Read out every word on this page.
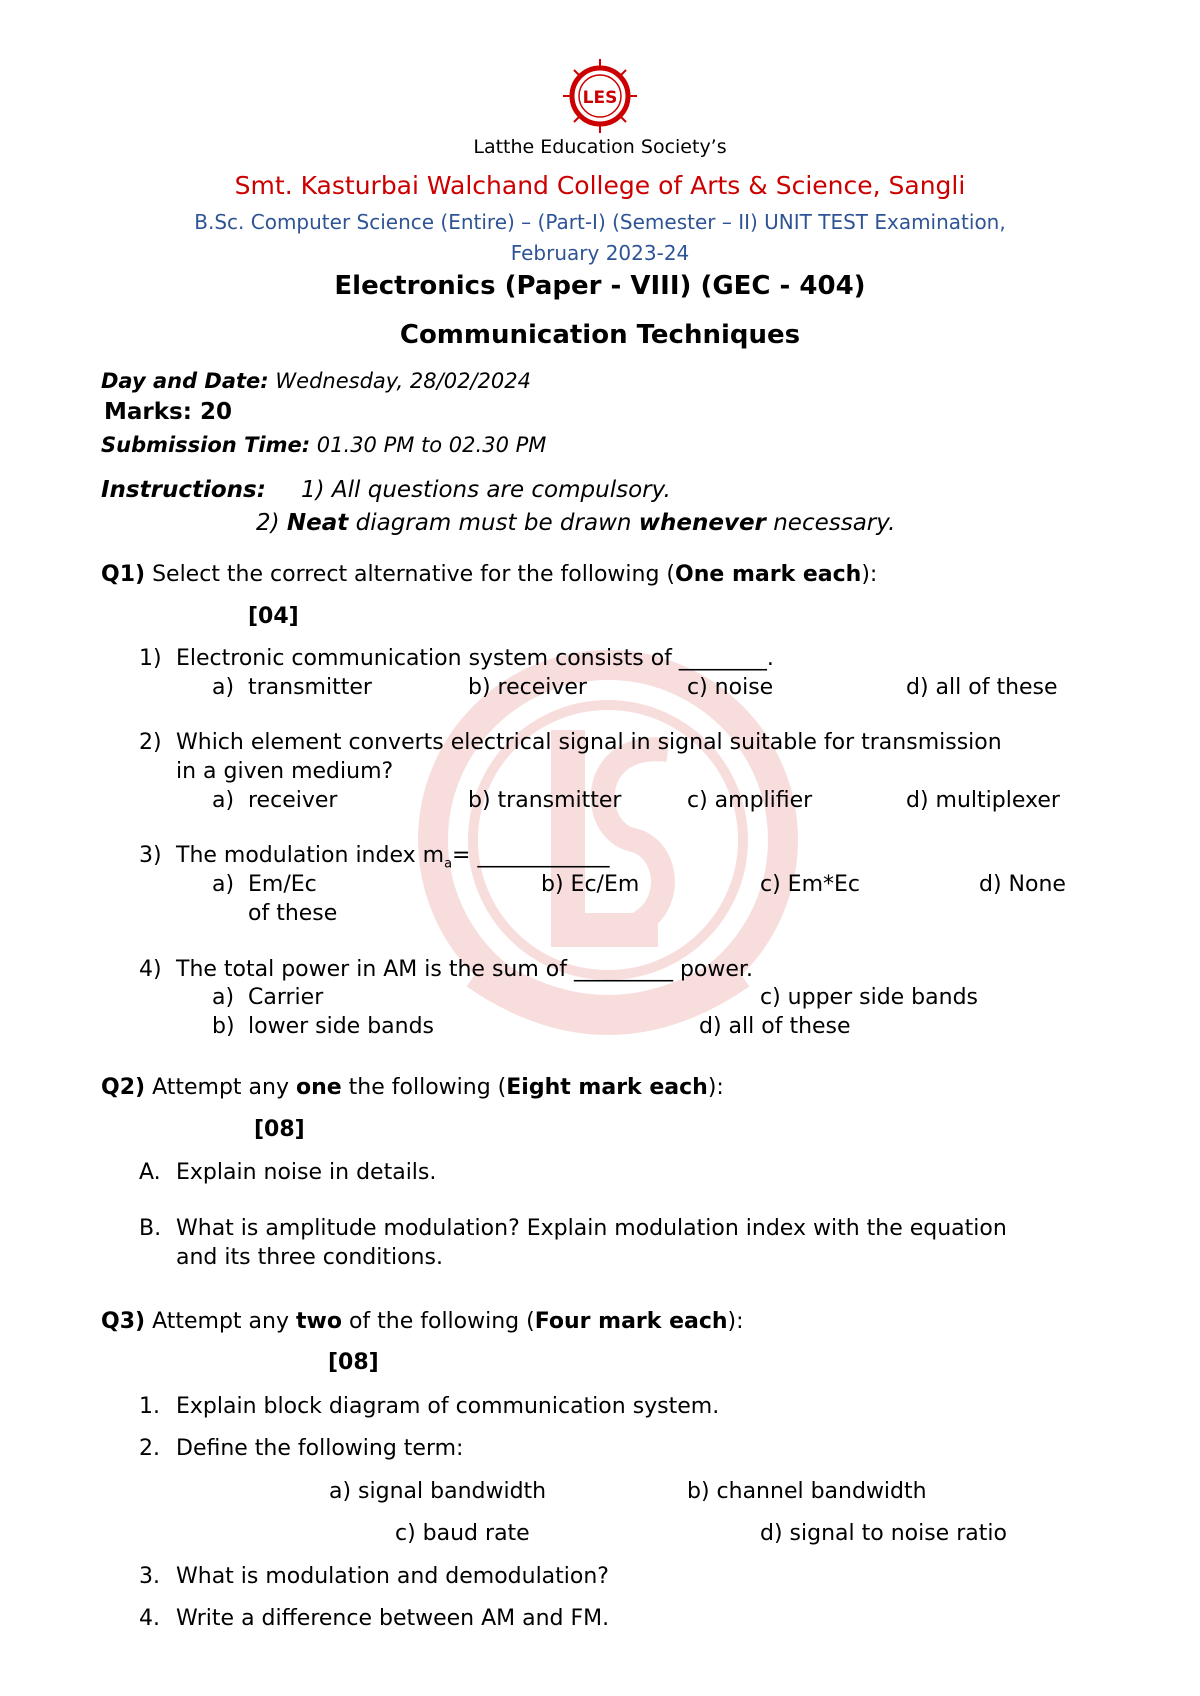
LES
Latthe Education Society’s
Smt. Kasturbai Walchand College of Arts & Science, Sangli
B.Sc. Computer Science (Entire) – (Part-I) (Semester – II) UNIT TEST Examination,
February 2023-24
Electronics (Paper - VIII) (GEC - 404)
Communication Techniques
Day and Date: Wednesday, 28/02/2024
Marks: 20
Submission Time: 01.30 PM to 02.30 PM
Instructions: 1) All questions are compulsory.
2) Neat diagram must be drawn whenever necessary.
Q1) Select the correct alternative for the following (One mark each):
[04]
1) Electronic communication system consists of ________.
a) transmitter	b) receiver	c) noise	d) all of these
2) Which element converts electrical signal in signal suitable for transmission
in a given medium?
a) receiver	b) transmitter	c) amplifier	d) multiplexer
3) The modulation index $m_a=$ ____________
a) Em/Ec	b) Ec/Em	c) Em*Ec	d) None
of these
4) The total power in AM is the sum of _________ power.
a) Carrier	c) upper side bands
b) lower side bands	d) all of these
Q2) Attempt any one the following (Eight mark each):
[08]
A. Explain noise in details.
B. What is amplitude modulation? Explain modulation index with the equation
and its three conditions.
Q3) Attempt any two of the following (Four mark each):
[08]
1. Explain block diagram of communication system.
2. Define the following term:
a) signal bandwidth	b) channel bandwidth
c) baud rate	d) signal to noise ratio
3. What is modulation and demodulation?
4. Write a difference between AM and FM.
